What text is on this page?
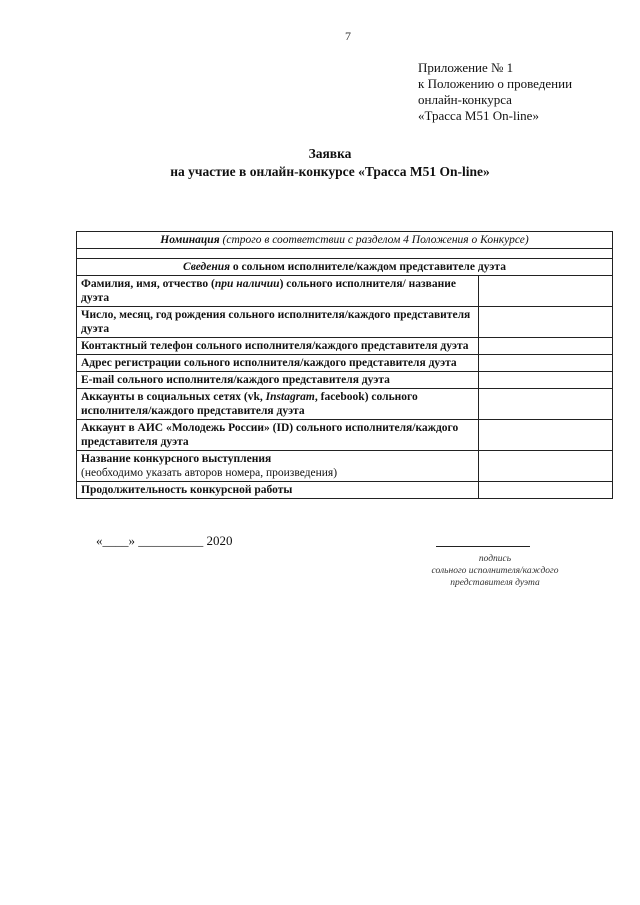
7
Приложение № 1
к Положению о проведении
онлайн-конкурса
«Трасса М51 On-line»
Заявка
на участие в онлайн-конкурсе «Трасса М51 On-line»
Номинация (строго в соответствии с разделом 4 Положения о Конкурсе)	

Сведения о сольном исполнителе/каждом представителе дуэта	
Фамилия, имя, отчество (при наличии) сольного исполнителя/ название дуэта	
Число, месяц, год рождения сольного исполнителя/каждого представителя дуэта	
Контактный телефон сольного исполнителя/каждого представителя дуэта	
Адрес регистрации сольного исполнителя/каждого представителя дуэта	
E-mail сольного исполнителя/каждого представителя дуэта	
Аккаунты в социальных сетях (vk, Instagram, facebook) сольного исполнителя/каждого представителя дуэта	
Аккаунт в АИС «Молодежь России» (ID) сольного исполнителя/каждого представителя дуэта	

Название конкурсного выступления
(необходимо указать авторов номера, произведения)	

Продолжительность конкурсной работы	
«____» __________ 2020
подпись
сольного исполнителя/каждого
представителя дуэта
